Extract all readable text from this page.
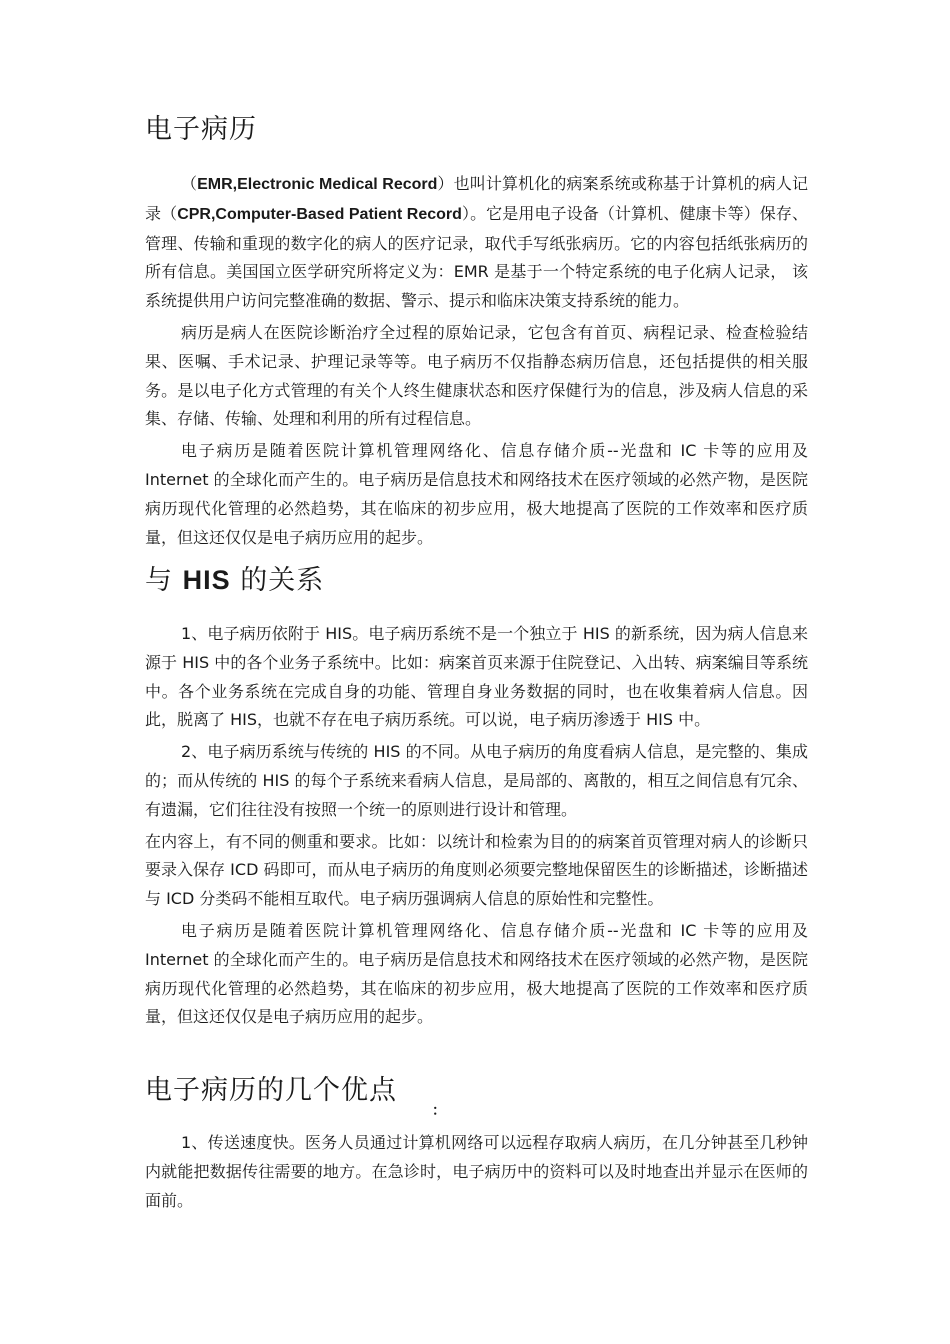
电子病历

（EMR,Electronic Medical Record）也叫计算机化的病案系统或称基于计算机的病人记录（CPR,Computer-Based Patient Record）。它是用电子设备（计算机、健康卡等）保存、管理、传输和重现的数字化的病人的医疗记录，取代手写纸张病历。它的内容包括纸张病历的所有信息。美国国立医学研究所将定义为：EMR 是基于一个特定系统的电子化病人记录， 该系统提供用户访问完整准确的数据、警示、提示和临床决策支持系统的能力。

病历是病人在医院诊断治疗全过程的原始记录，它包含有首页、病程记录、检查检验结果、医嘱、手术记录、护理记录等等。电子病历不仅指静态病历信息，还包括提供的相关服务。是以电子化方式管理的有关个人终生健康状态和医疗保健行为的信息，涉及病人信息的采集、存储、传输、处理和利用的所有过程信息。

电子病历是随着医院计算机管理网络化、信息存储介质--光盘和 IC 卡等的应用及 Internet 的全球化而产生的。电子病历是信息技术和网络技术在医疗领域的必然产物，是医院病历现代化管理的必然趋势，其在临床的初步应用，极大地提高了医院的工作效率和医疗质量，但这还仅仅是电子病历应用的起步。

与 HIS 的关系

1、电子病历依附于 HIS。电子病历系统不是一个独立于 HIS 的新系统，因为病人信息来源于 HIS 中的各个业务子系统中。比如：病案首页来源于住院登记、入出转、病案编目等系统中。各个业务系统在完成自身的功能、管理自身业务数据的同时，也在收集着病人信息。因此，脱离了 HIS，也就不存在电子病历系统。可以说，电子病历渗透于 HIS 中。

2、电子病历系统与传统的 HIS 的不同。从电子病历的角度看病人信息，是完整的、集成的；而从传统的 HIS 的每个子系统来看病人信息，是局部的、离散的，相互之间信息有冗余、有遗漏，它们往往没有按照一个统一的原则进行设计和管理。

在内容上，有不同的侧重和要求。比如：以统计和检索为目的的病案首页管理对病人的诊断只要录入保存 ICD 码即可，而从电子病历的角度则必须要完整地保留医生的诊断描述，诊断描述与 ICD 分类码不能相互取代。电子病历强调病人信息的原始性和完整性。

电子病历是随着医院计算机管理网络化、信息存储介质--光盘和 IC 卡等的应用及 Internet 的全球化而产生的。电子病历是信息技术和网络技术在医疗领域的必然产物，是医院病历现代化管理的必然趋势，其在临床的初步应用，极大地提高了医院的工作效率和医疗质量，但这还仅仅是电子病历应用的起步。

电子病历的几个优点
：

1、传送速度快。医务人员通过计算机网络可以远程存取病人病历，在几分钟甚至几秒钟内就能把数据传往需要的地方。在急诊时，电子病历中的资料可以及时地查出并显示在医师的面前。
